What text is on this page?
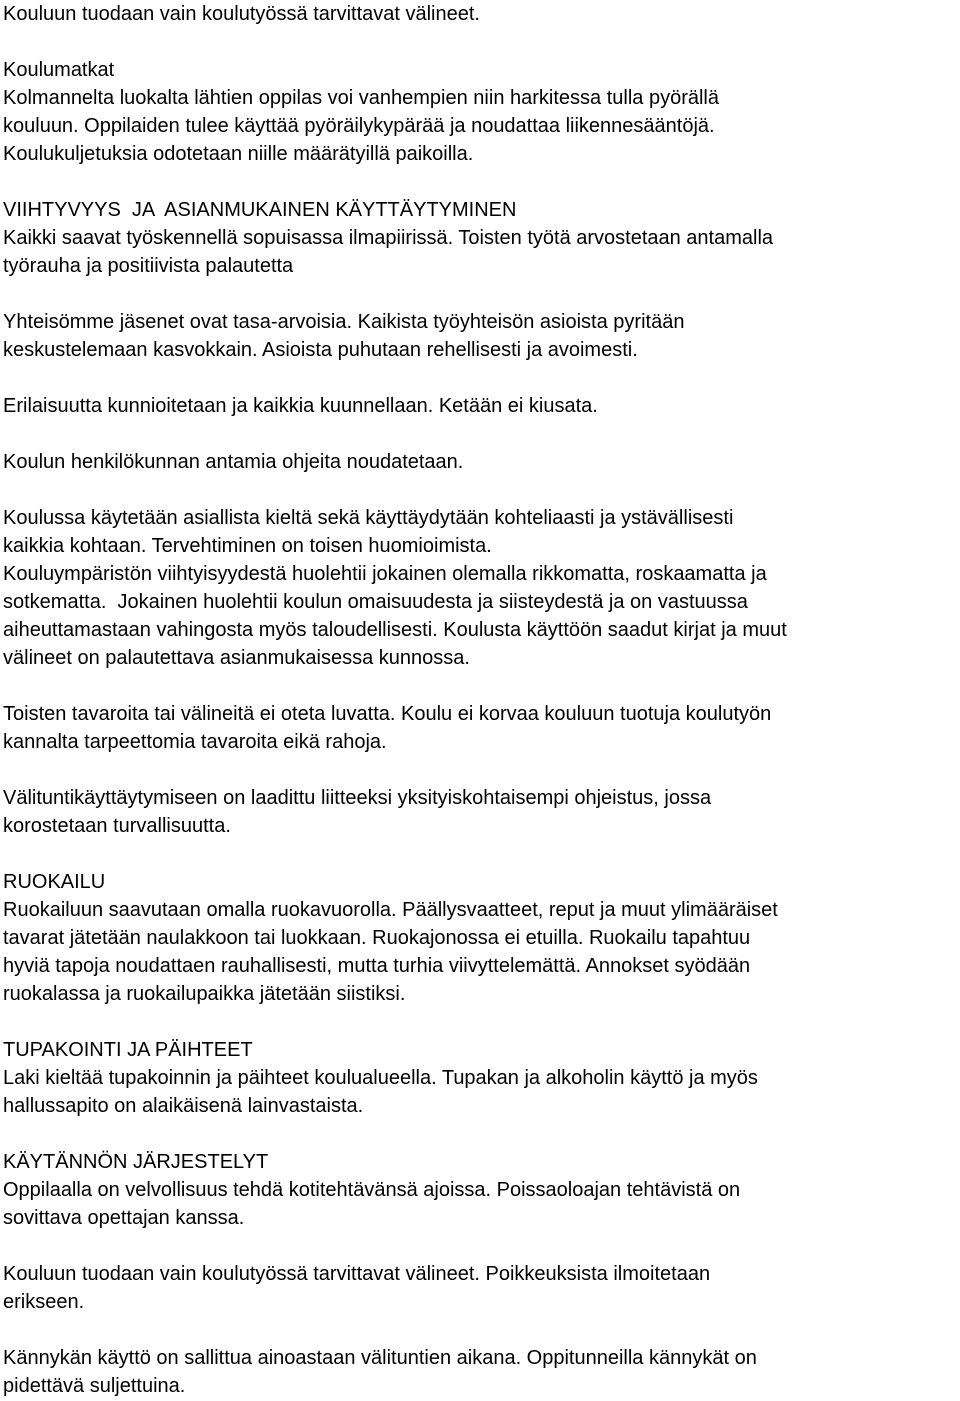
Kouluun tuodaan vain koulutyössä tarvittavat välineet.
Koulumatkat
Kolmannelta luokalta lähtien oppilas voi vanhempien niin harkitessa tulla pyörällä
kouluun. Oppilaiden tulee käyttää pyöräilykypärää ja noudattaa liikennesääntöjä.
Koulukuljetuksia odotetaan niille määrätyillä paikoilla.
VIIHTYVYYS  JA  ASIANMUKAINEN KÄYTTÄYTYMINEN
Kaikki saavat työskennellä sopuisassa ilmapiirissä. Toisten työtä arvostetaan antamalla
työrauha ja positiivista palautetta
Yhteisömme jäsenet ovat tasa-arvoisia. Kaikista työyhteisön asioista pyritään
keskustelemaan kasvokkain. Asioista puhutaan rehellisesti ja avoimesti.
Erilaisuutta kunnioitetaan ja kaikkia kuunnellaan. Ketään ei kiusata.
Koulun henkilökunnan antamia ohjeita noudatetaan.
Koulussa käytetään asiallista kieltä sekä käyttäydytään kohteliaasti ja ystävällisesti
kaikkia kohtaan. Tervehtiminen on toisen huomioimista.
Kouluympäristön viihtyisyydestä huolehtii jokainen olemalla rikkomatta, roskaamatta ja
sotkematta.  Jokainen huolehtii koulun omaisuudesta ja siisteydestä ja on vastuussa
aiheuttamastaan vahingosta myös taloudellisesti. Koulusta käyttöön saadut kirjat ja muut
välineet on palautettava asianmukaisessa kunnossa.
Toisten tavaroita tai välineitä ei oteta luvatta. Koulu ei korvaa kouluun tuotuja koulutyön
kannalta tarpeettomia tavaroita eikä rahoja.
Välituntikäyttäytymiseen on laadittu liitteeksi yksityiskohtaisempi ohjeistus, jossa
korostetaan turvallisuutta.
RUOKAILU
Ruokailuun saavutaan omalla ruokavuorolla. Päällysvaatteet, reput ja muut ylimääräiset
tavarat jätetään naulakkoon tai luokkaan. Ruokajonossa ei etuilla. Ruokailu tapahtuu
hyviä tapoja noudattaen rauhallisesti, mutta turhia viivyttelemättä. Annokset syödään
ruokalassa ja ruokailupaikka jätetään siistiksi.
TUPAKOINTI JA PÄIHTEET
Laki kieltää tupakoinnin ja päihteet koulualueella. Tupakan ja alkoholin käyttö ja myös
hallussapito on alaikäisenä lainvastaista.
KÄYTÄNNÖN JÄRJESTELYT
Oppilaalla on velvollisuus tehdä kotitehtävänsä ajoissa. Poissaoloajan tehtävistä on
sovittava opettajan kanssa.
Kouluun tuodaan vain koulutyössä tarvittavat välineet. Poikkeuksista ilmoitetaan
erikseen.
Kännykän käyttö on sallittua ainoastaan välituntien aikana. Oppitunneilla kännykät on
pidettävä suljettuina.
